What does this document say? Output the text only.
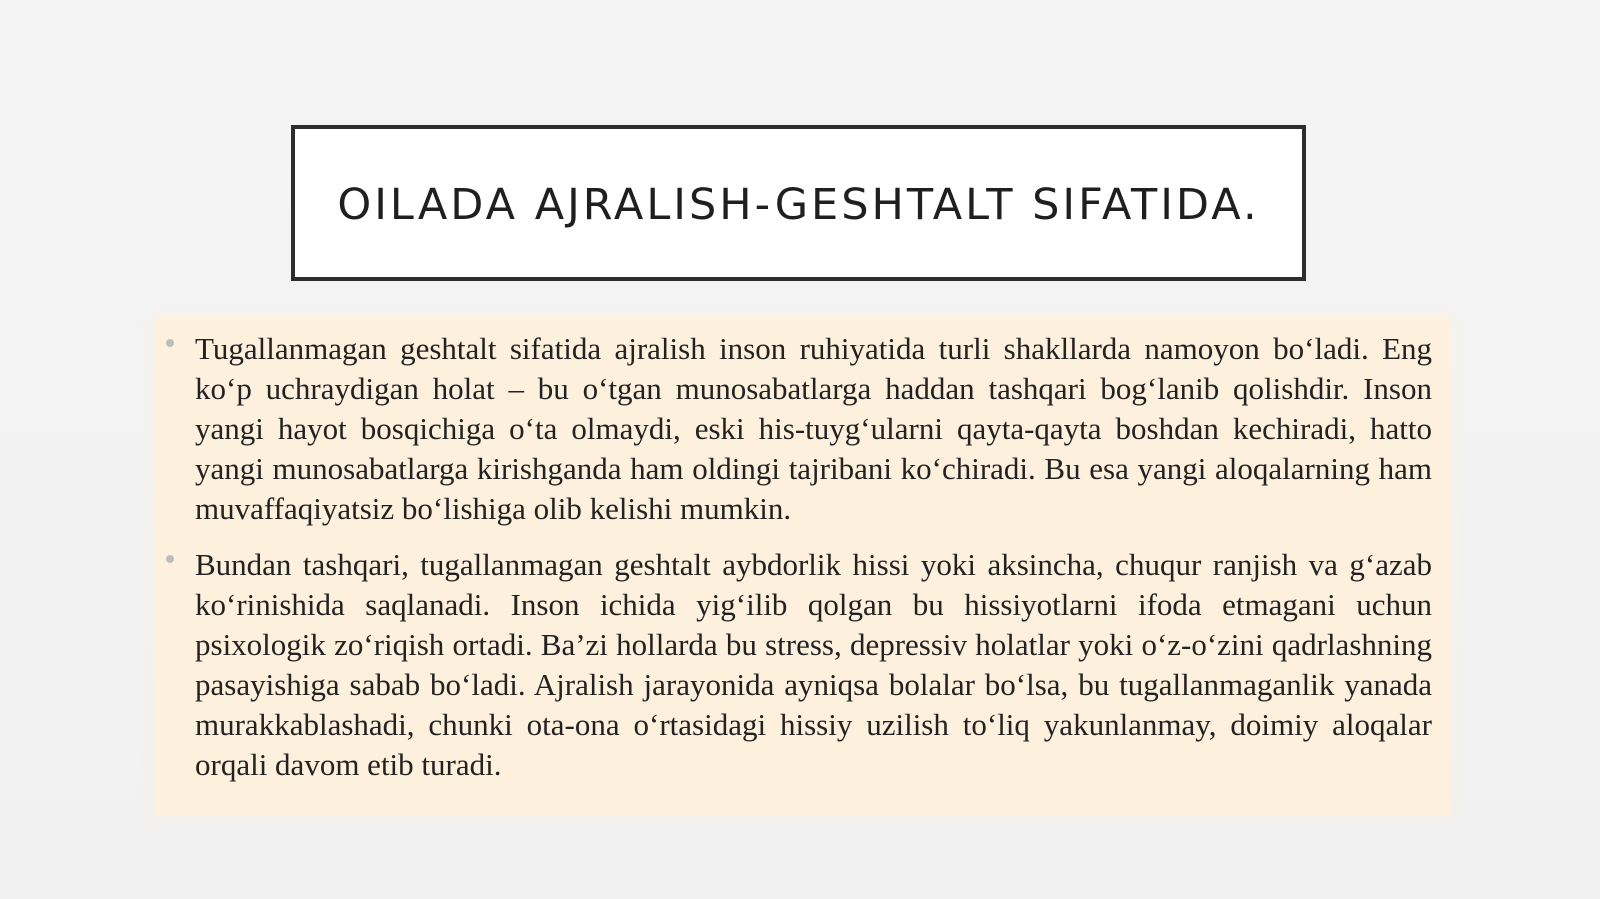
OILADA AJRALISH-GESHTALT SIFATIDA.
Tugallanmagan geshtalt sifatida ajralish inson ruhiyatida turli shakllarda namoyon bo‘ladi. Eng ko‘p uchraydigan holat – bu o‘tgan munosabatlarga haddan tashqari bog‘lanib qolishdir. Inson yangi hayot bosqichiga o‘ta olmaydi, eski his-tuyg‘ularni qayta-qayta boshdan kechiradi, hatto yangi munosabatlarga kirishganda ham oldingi tajribani ko‘chiradi. Bu esa yangi aloqalarning ham muvaffaqiyatsiz bo‘lishiga olib kelishi mumkin.
Bundan tashqari, tugallanmagan geshtalt aybdorlik hissi yoki aksincha, chuqur ranjish va g‘azab ko‘rinishida saqlanadi. Inson ichida yig‘ilib qolgan bu hissiyotlarni ifoda etmagani uchun psixologik zo‘riqish ortadi. Ba’zi hollarda bu stress, depressiv holatlar yoki o‘z-o‘zini qadrlashning pasayishiga sabab bo‘ladi. Ajralish jarayonida ayniqsa bolalar bo‘lsa, bu tugallanmaganlik yanada murakkablashadi, chunki ota-ona o‘rtasidagi hissiy uzilish to‘liq yakunlanmay, doimiy aloqalar orqali davom etib turadi.
